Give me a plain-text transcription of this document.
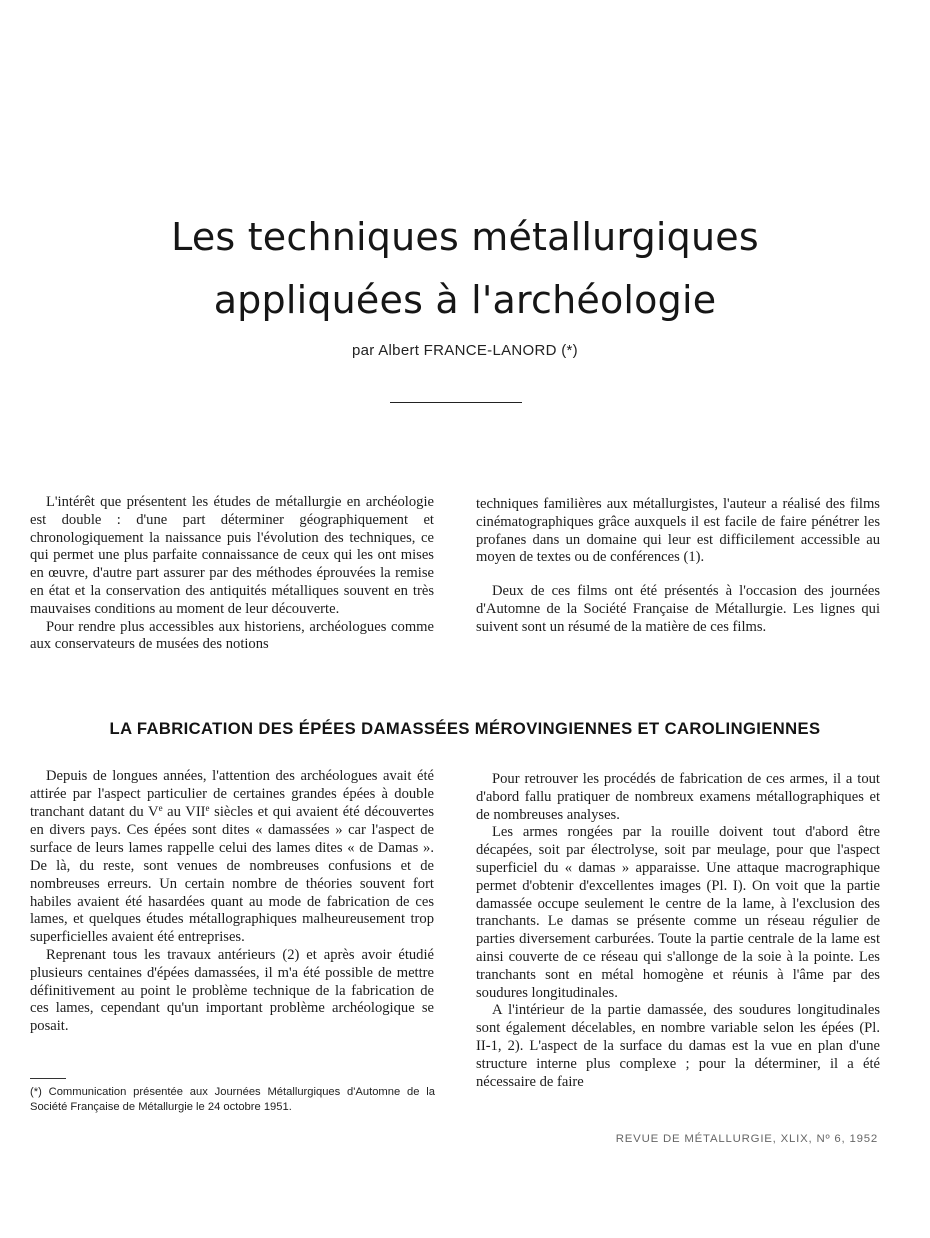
Les techniques métallurgiques
appliquées à l'archéologie
par Albert FRANCE-LANORD (*)

L'intérêt que présentent les études de métallurgie en archéologie est double : d'une part déterminer géographiquement et chronologiquement la naissance puis l'évolution des techniques, ce qui permet une plus parfaite connaissance de ceux qui les ont mises en œuvre, d'autre part assurer par des méthodes éprouvées la remise en état et la conservation des antiquités métalliques souvent en très mauvaises conditions au moment de leur découverte.

Pour rendre plus accessibles aux historiens, archéologues comme aux conservateurs de musées des notions

techniques familières aux métallurgistes, l'auteur a réalisé des films cinématographiques grâce auxquels il est facile de faire pénétrer les profanes dans un domaine qui leur est difficilement accessible au moyen de textes ou de conférences (1).

Deux de ces films ont été présentés à l'occasion des journées d'Automne de la Société Française de Métallurgie. Les lignes qui suivent sont un résumé de la matière de ces films.

LA FABRICATION DES ÉPÉES DAMASSÉES MÉROVINGIENNES ET CAROLINGIENNES

Depuis de longues années, l'attention des archéologues avait été attirée par l'aspect particulier de certaines grandes épées à double tranchant datant du Ve au VIIe siècles et qui avaient été découvertes en divers pays. Ces épées sont dites « damassées » car l'aspect de surface de leurs lames rappelle celui des lames dites « de Damas ». De là, du reste, sont venues de nombreuses confusions et de nombreuses erreurs. Un certain nombre de théories souvent fort habiles avaient été hasardées quant au mode de fabrication de ces lames, et quelques études métallographiques malheureusement trop superficielles avaient été entreprises.

Reprenant tous les travaux antérieurs (2) et après avoir étudié plusieurs centaines d'épées damassées, il m'a été possible de mettre définitivement au point le problème technique de la fabrication de ces lames, cependant qu'un important problème archéologique se posait.

Pour retrouver les procédés de fabrication de ces armes, il a tout d'abord fallu pratiquer de nombreux examens métallographiques et de nombreuses analyses.

Les armes rongées par la rouille doivent tout d'abord être décapées, soit par électrolyse, soit par meulage, pour que l'aspect superficiel du « damas » apparaisse. Une attaque macrographique permet d'obtenir d'excellentes images (Pl. I). On voit que la partie damassée occupe seulement le centre de la lame, à l'exclusion des tranchants. Le damas se présente comme un réseau régulier de parties diversement carburées. Toute la partie centrale de la lame est ainsi couverte de ce réseau qui s'allonge de la soie à la pointe. Les tranchants sont en métal homogène et réunis à l'âme par des soudures longitudinales.

A l'intérieur de la partie damassée, des soudures longitudinales sont également décelables, en nombre variable selon les épées (Pl. II-1, 2). L'aspect de la surface du damas est la vue en plan d'une structure interne plus complexe ; pour la déterminer, il a été nécessaire de faire

(*) Communication présentée aux Journées Métallurgiques d'Automne de la Société Française de Métallurgie le 24 octobre 1951.
REVUE DE MÉTALLURGIE, XLIX, Nº 6, 1952
